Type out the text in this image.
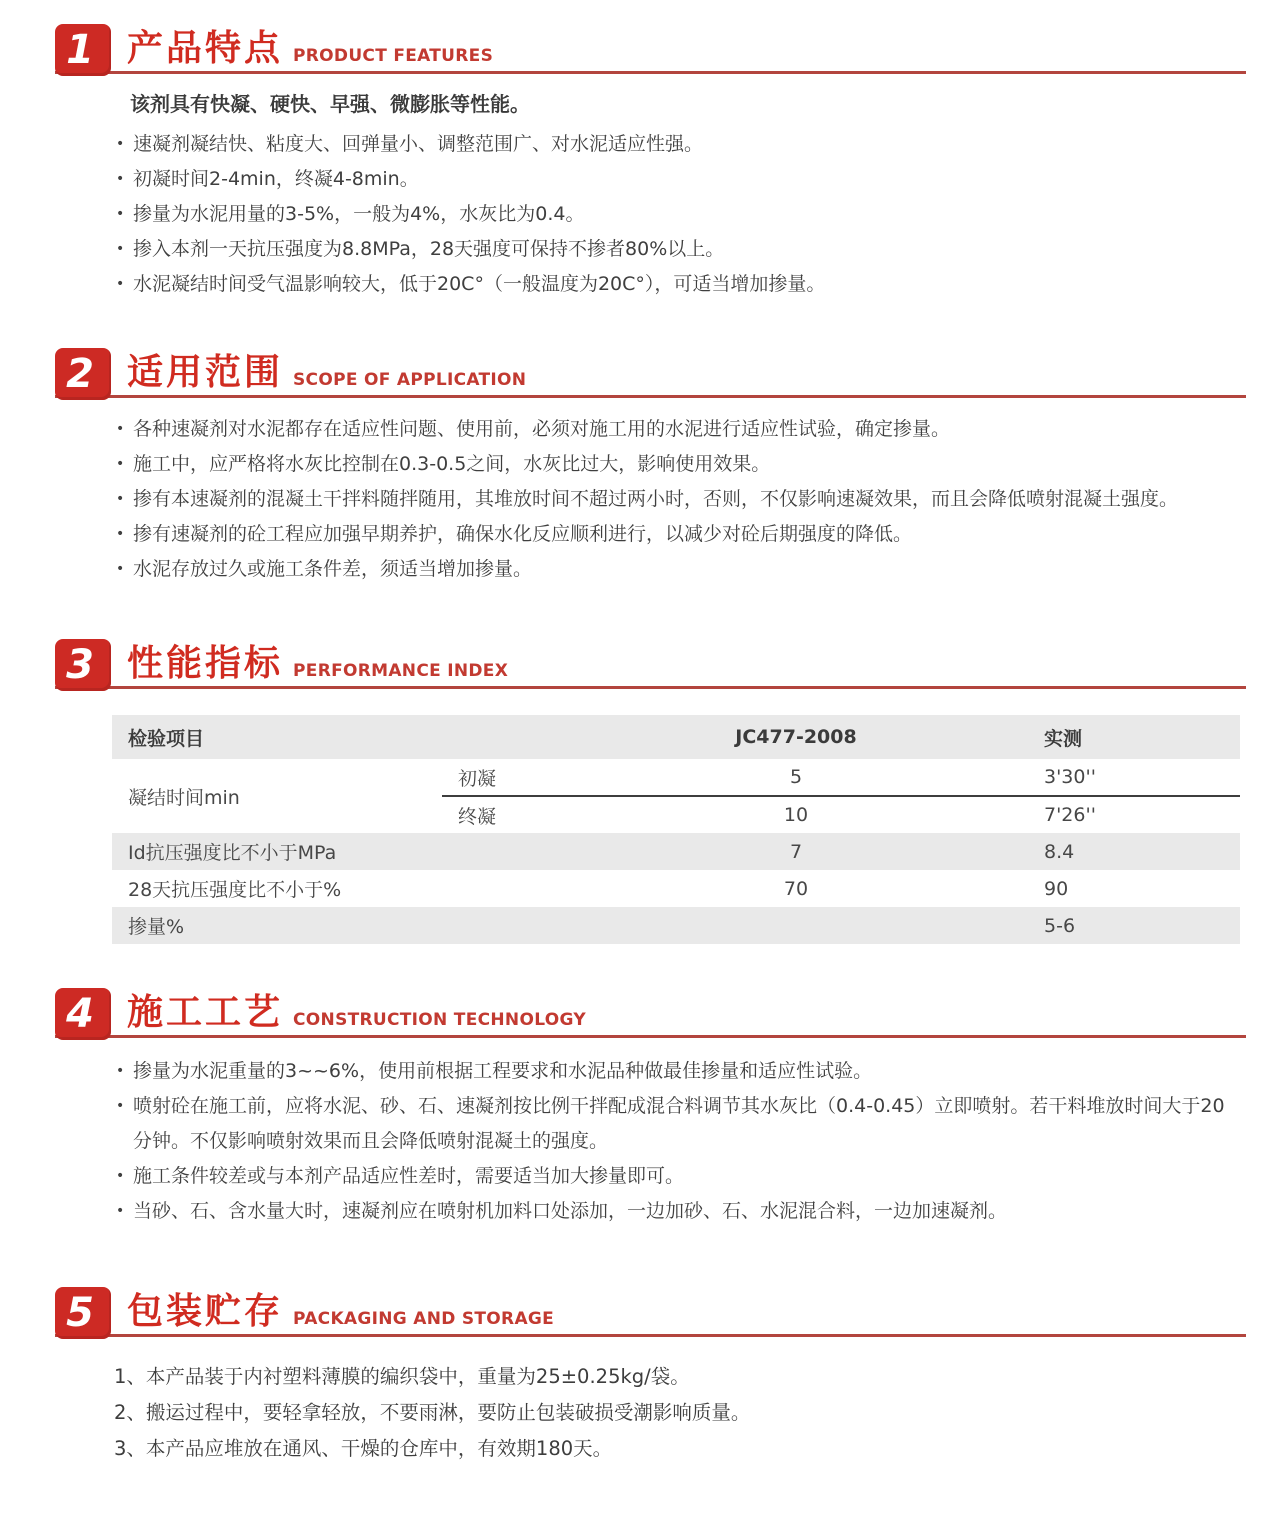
1 产品特点 PRODUCT FEATURES

该剂具有快凝、硬快、早强、微膨胀等性能。

• 速凝剂凝结快、粘度大、回弹量小、调整范围广、对水泥适应性强。
• 初凝时间2-4min，终凝4-8min。
• 掺量为水泥用量的3-5%，一般为4%，水灰比为0.4。
• 掺入本剂一天抗压强度为8.8MPa，28天强度可保持不掺者80%以上。
• 水泥凝结时间受气温影响较大，低于20C°（一般温度为20C°），可适当增加掺量。
2 适用范围 SCOPE OF APPLICATION
• 各种速凝剂对水泥都存在适应性问题、使用前，必须对施工用的水泥进行适应性试验，确定掺量。
• 施工中，应严格将水灰比控制在0.3-0.5之间，水灰比过大，影响使用效果。
• 掺有本速凝剂的混凝土干拌料随拌随用，其堆放时间不超过两小时，否则，不仅影响速凝效果，而且会降低喷射混凝土强度。
• 掺有速凝剂的砼工程应加强早期养护，确保水化反应顺利进行，以减少对砼后期强度的降低。
• 水泥存放过久或施工条件差，须适当增加掺量。
3 性能指标 PERFORMANCE INDEX
检验项目		JC477-2008	实测
凝结时间min	初凝	5	3'30''
	终凝	10	7'26''
Id抗压强度比不小于MPa		7	8.4
28天抗压强度比不小于%		70	90
掺量%			5-6
4 施工工艺 CONSTRUCTION TECHNOLOGY
• 掺量为水泥重量的3~~6%，使用前根据工程要求和水泥品种做最佳掺量和适应性试验。
• 喷射砼在施工前，应将水泥、砂、石、速凝剂按比例干拌配成混合料调节其水灰比（0.4-0.45）立即喷射。若干料堆放时间大于20分钟。不仅影响喷射效果而且会降低喷射混凝土的强度。
• 施工条件较差或与本剂产品适应性差时，需要适当加大掺量即可。
• 当砂、石、含水量大时，速凝剂应在喷射机加料口处添加，一边加砂、石、水泥混合料，一边加速凝剂。
5 包装贮存 PACKAGING AND STORAGE

1、本产品装于内衬塑料薄膜的编织袋中，重量为25±0.25kg/袋。

2、搬运过程中，要轻拿轻放，不要雨淋，要防止包装破损受潮影响质量。

3、本产品应堆放在通风、干燥的仓库中，有效期180天。
